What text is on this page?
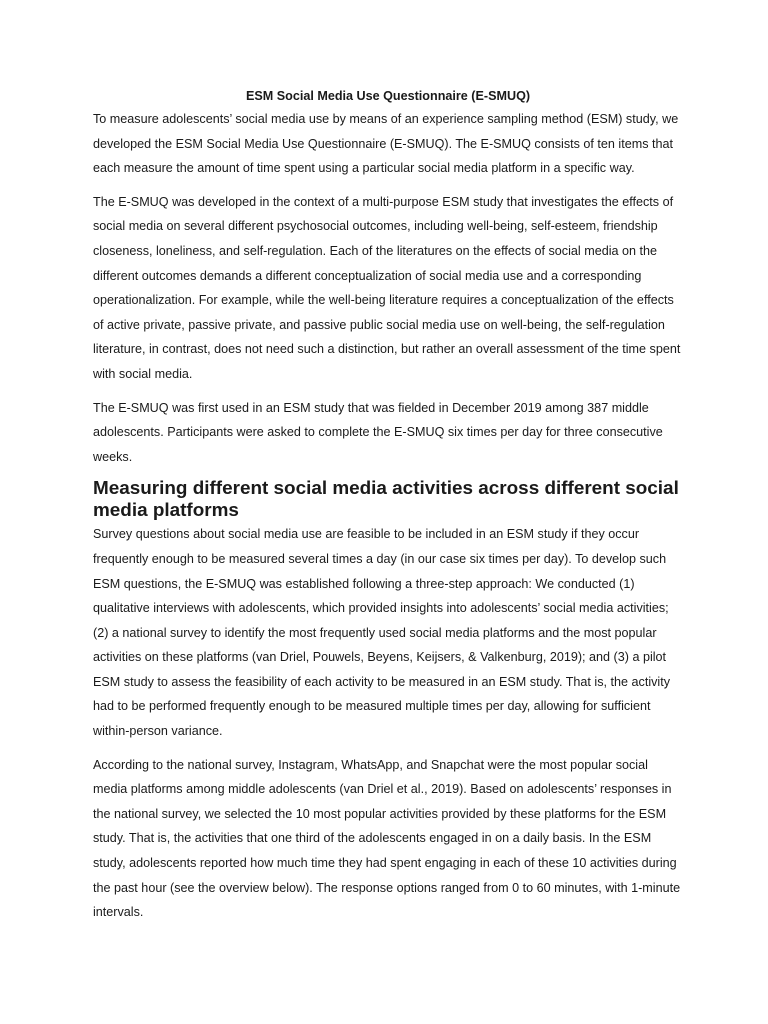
ESM Social Media Use Questionnaire (E-SMUQ)

To measure adolescents’ social media use by means of an experience sampling method (ESM) study, we developed the ESM Social Media Use Questionnaire (E-SMUQ). The E-SMUQ consists of ten items that each measure the amount of time spent using a particular social media platform in a specific way.

The E-SMUQ was developed in the context of a multi-purpose ESM study that investigates the effects of social media on several different psychosocial outcomes, including well-being, self-esteem, friendship closeness, loneliness, and self-regulation. Each of the literatures on the effects of social media on the different outcomes demands a different conceptualization of social media use and a corresponding operationalization. For example, while the well-being literature requires a conceptualization of the effects of active private, passive private, and passive public social media use on well-being, the self-regulation literature, in contrast, does not need such a distinction, but rather an overall assessment of the time spent with social media.

The E-SMUQ was first used in an ESM study that was fielded in December 2019 among 387 middle adolescents. Participants were asked to complete the E-SMUQ six times per day for three consecutive weeks.

Measuring different social media activities across different social media platforms

Survey questions about social media use are feasible to be included in an ESM study if they occur frequently enough to be measured several times a day (in our case six times per day). To develop such ESM questions, the E-SMUQ was established following a three-step approach: We conducted (1) qualitative interviews with adolescents, which provided insights into adolescents’ social media activities; (2) a national survey to identify the most frequently used social media platforms and the most popular activities on these platforms (van Driel, Pouwels, Beyens, Keijsers, & Valkenburg, 2019); and (3) a pilot ESM study to assess the feasibility of each activity to be measured in an ESM study. That is, the activity had to be performed frequently enough to be measured multiple times per day, allowing for sufficient within-person variance.

According to the national survey, Instagram, WhatsApp, and Snapchat were the most popular social media platforms among middle adolescents (van Driel et al., 2019). Based on adolescents’ responses in the national survey, we selected the 10 most popular activities provided by these platforms for the ESM study. That is, the activities that one third of the adolescents engaged in on a daily basis. In the ESM study, adolescents reported how much time they had spent engaging in each of these 10 activities during the past hour (see the overview below). The response options ranged from 0 to 60 minutes, with 1-minute intervals.
